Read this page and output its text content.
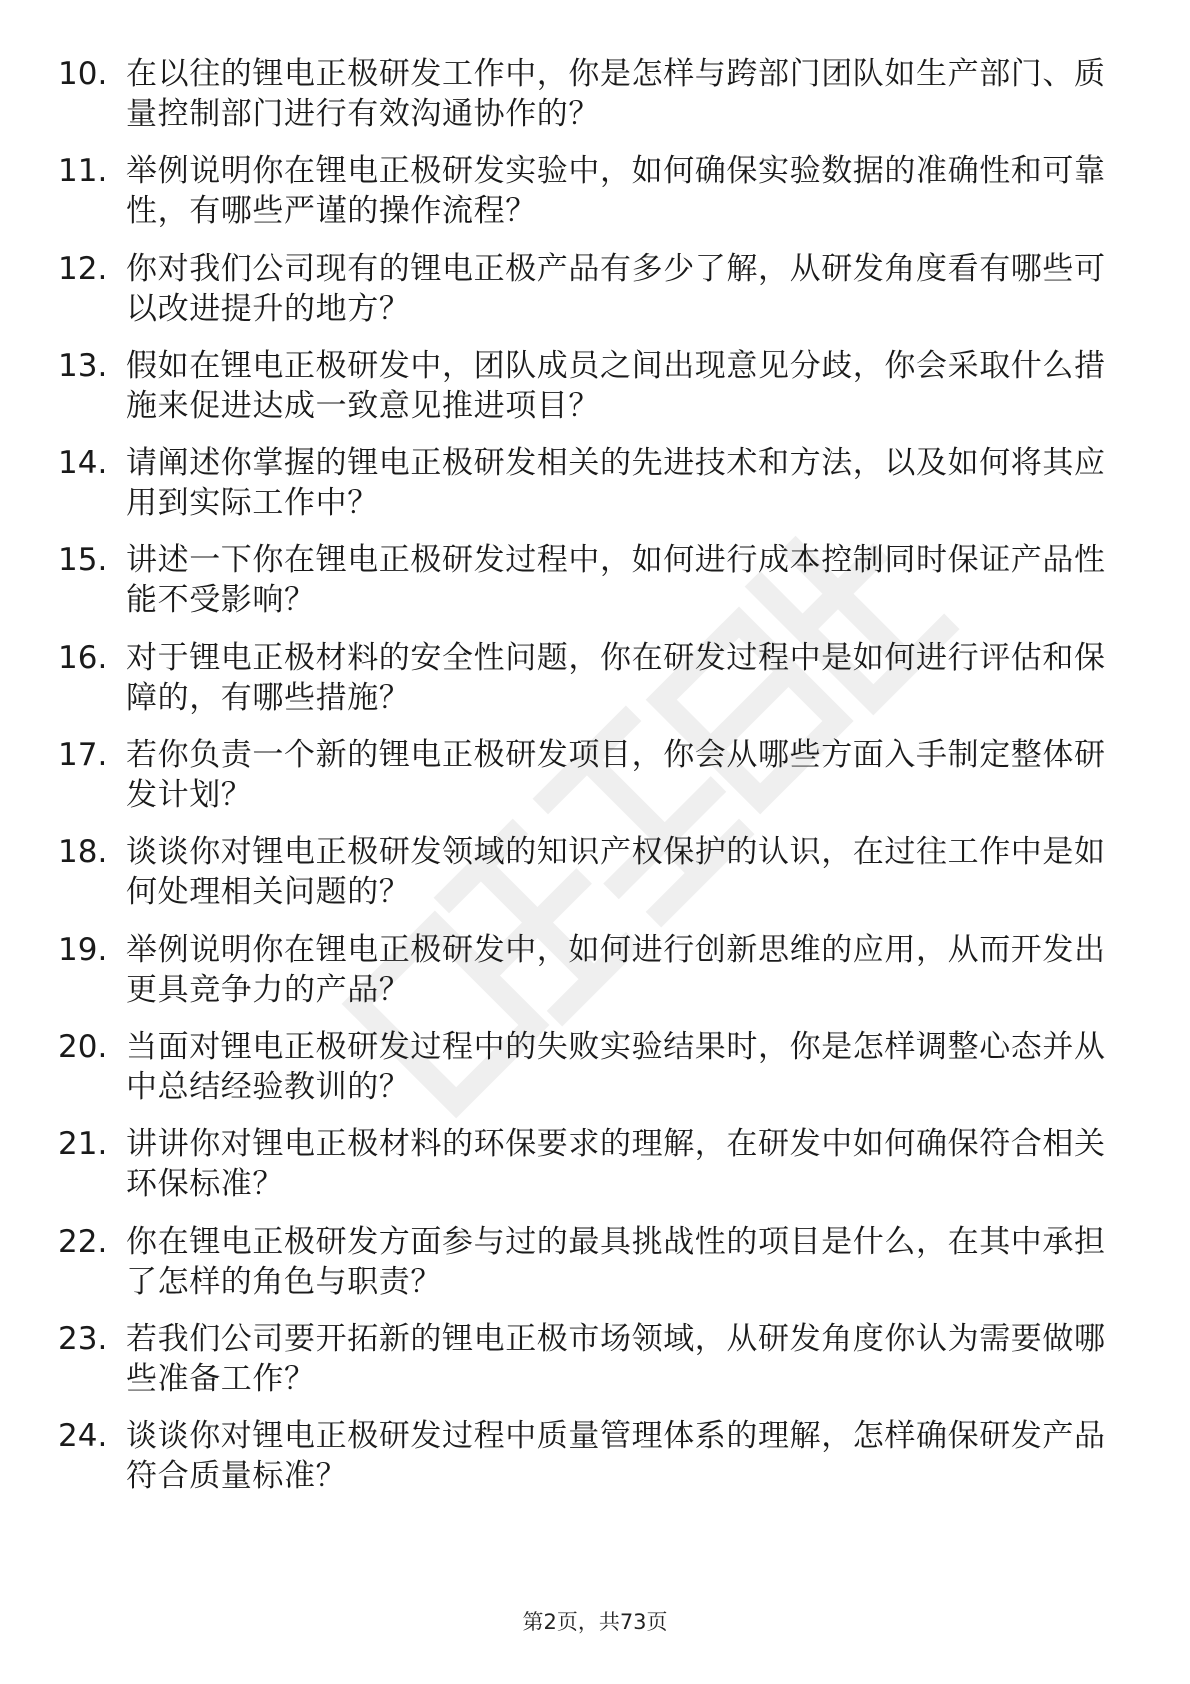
10. 在以往的锂电正极研发工作中，你是怎样与跨部门团队如生产部门、质量控制部门进行有效沟通协作的？
11. 举例说明你在锂电正极研发实验中，如何确保实验数据的准确性和可靠性，有哪些严谨的操作流程？
12. 你对我们公司现有的锂电正极产品有多少了解，从研发角度看有哪些可以改进提升的地方？
13. 假如在锂电正极研发中，团队成员之间出现意见分歧，你会采取什么措施来促进达成一致意见推进项目？
14. 请阐述你掌握的锂电正极研发相关的先进技术和方法，以及如何将其应用到实际工作中？
15. 讲述一下你在锂电正极研发过程中，如何进行成本控制同时保证产品性能不受影响？
16. 对于锂电正极材料的安全性问题，你在研发过程中是如何进行评估和保障的，有哪些措施？
17. 若你负责一个新的锂电正极研发项目，你会从哪些方面入手制定整体研发计划？
18. 谈谈你对锂电正极研发领域的知识产权保护的认识，在过往工作中是如何处理相关问题的？
19. 举例说明你在锂电正极研发中，如何进行创新思维的应用，从而开发出更具竞争力的产品？
20. 当面对锂电正极研发过程中的失败实验结果时，你是怎样调整心态并从中总结经验教训的？
21. 讲讲你对锂电正极材料的环保要求的理解，在研发中如何确保符合相关环保标准？
22. 你在锂电正极研发方面参与过的最具挑战性的项目是什么，在其中承担了怎样的角色与职责？
23. 若我们公司要开拓新的锂电正极市场领域，从研发角度你认为需要做哪些准备工作？
24. 谈谈你对锂电正极研发过程中质量管理体系的理解，怎样确保研发产品符合质量标准？
第2页，共73页
